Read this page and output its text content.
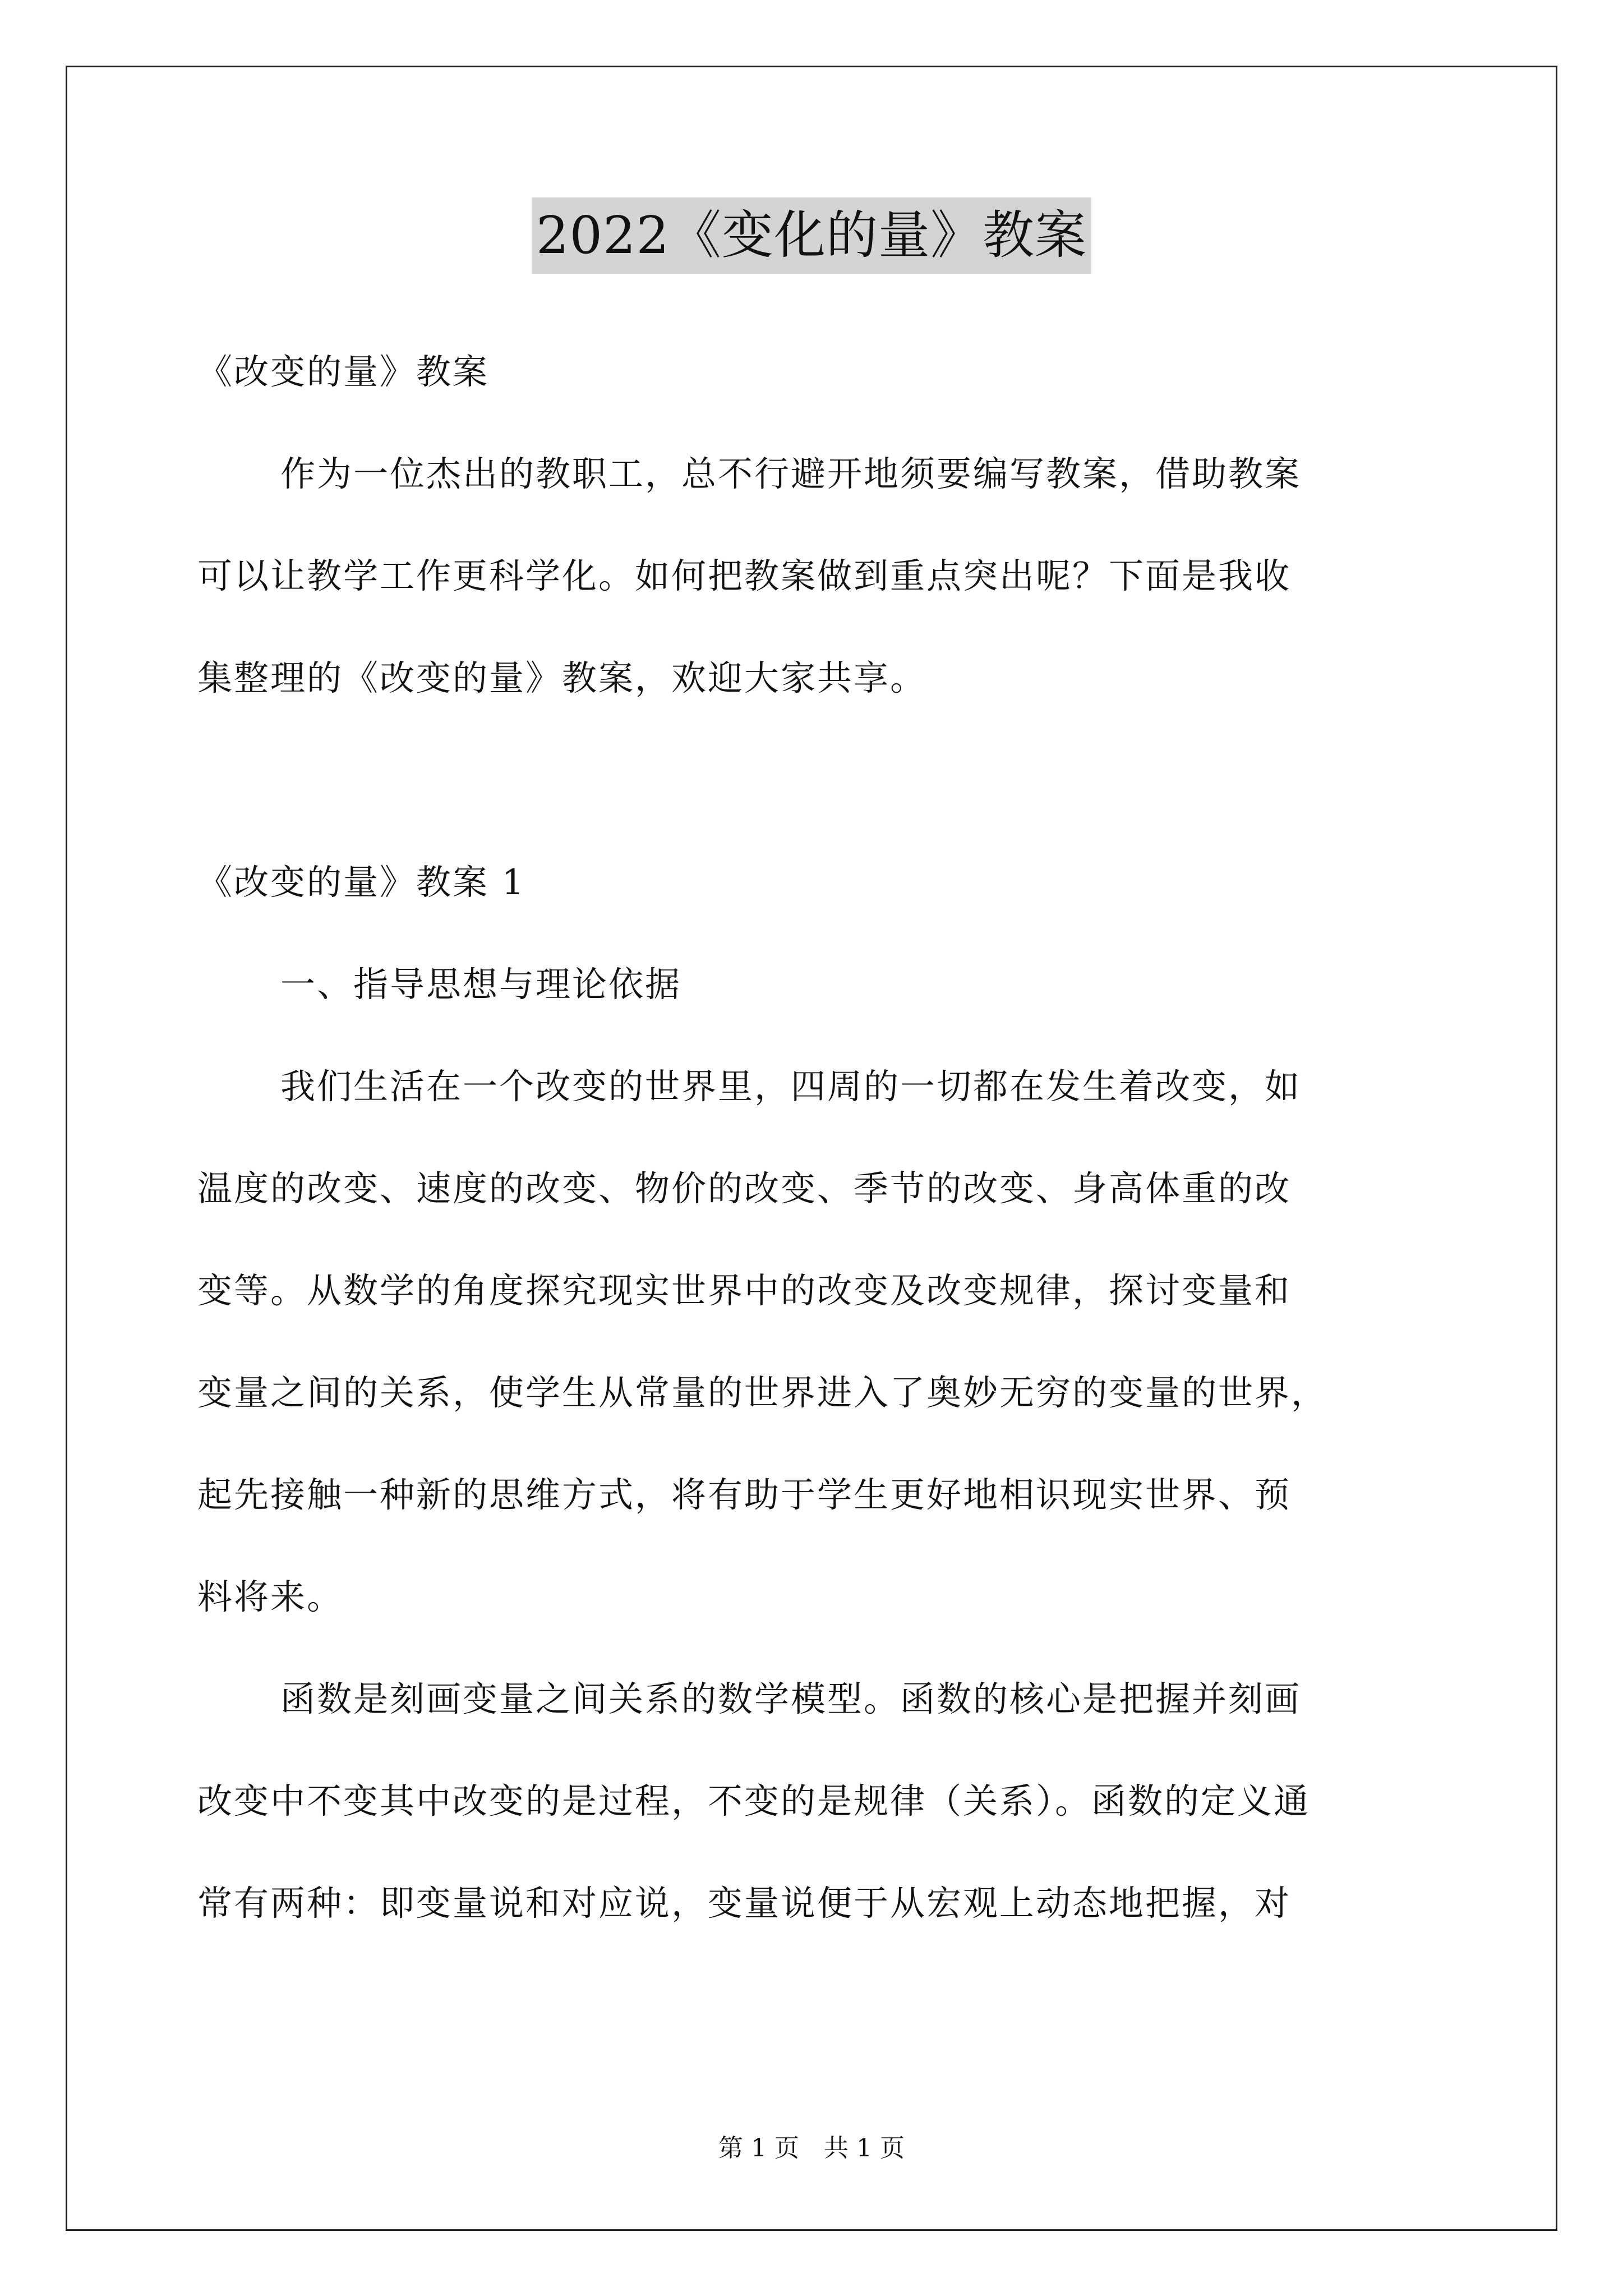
2022《变化的量》教案
《改变的量》教案
作为一位杰出的教职工，总不行避开地须要编写教案，借助教案
可以让教学工作更科学化。如何把教案做到重点突出呢？下面是我收
集整理的《改变的量》教案，欢迎大家共享。
《改变的量》教案 1
一、指导思想与理论依据
我们生活在一个改变的世界里，四周的一切都在发生着改变，如
温度的改变、速度的改变、物价的改变、季节的改变、身高体重的改
变等。从数学的角度探究现实世界中的改变及改变规律，探讨变量和
变量之间的关系，使学生从常量的世界进入了奥妙无穷的变量的世界，
起先接触一种新的思维方式，将有助于学生更好地相识现实世界、预
料将来。
函数是刻画变量之间关系的数学模型。函数的核心是把握并刻画
改变中不变其中改变的是过程，不变的是规律（关系）。函数的定义通
常有两种：即变量说和对应说，变量说便于从宏观上动态地把握，对
第 1 页　共 1 页
